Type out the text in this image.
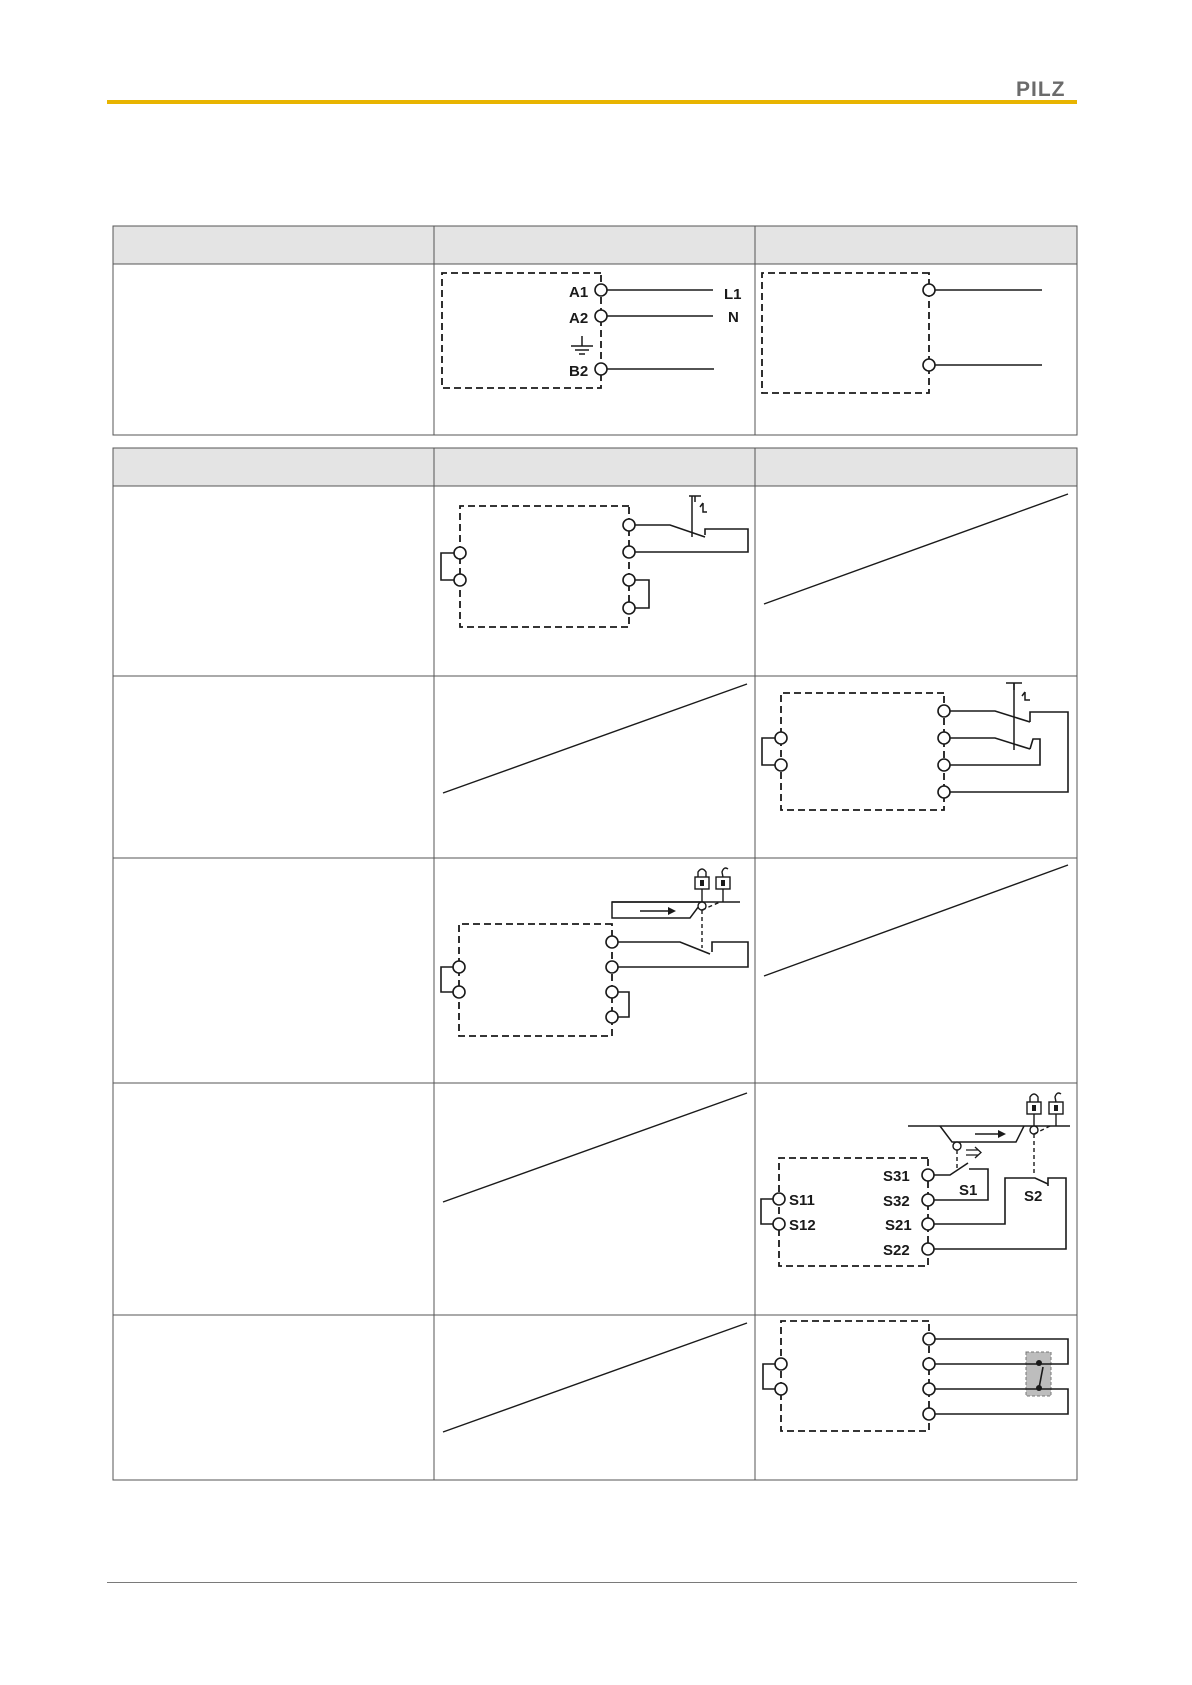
PILZ
A1
A2
B2
L1
N
S11
S12
S31
S32
S21
S22
S1	S2
